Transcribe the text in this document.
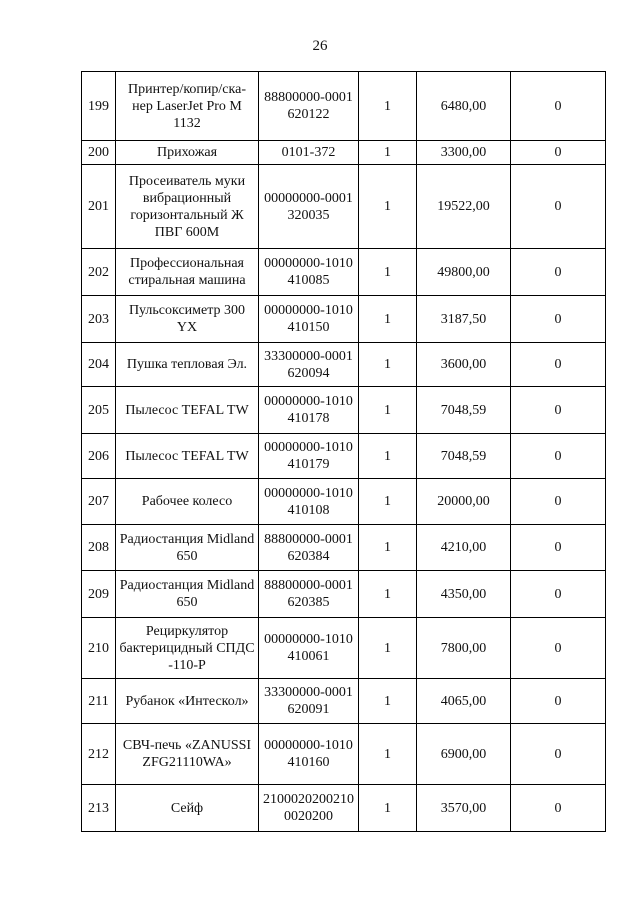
26
199	Принтер/копир/ска-нер LaserJet Pro M 1132	88800000-0001620122	1	6480,00	0
200	Прихожая	0101-372	1	3300,00	0
201	Просеиватель муки вибрационный горизонтальный Ж ПВГ 600М	00000000-0001320035	1	19522,00	0
202	Профессиональная стиральная машина	00000000-1010410085	1	49800,00	0
203	Пульсоксиметр 300 YX	00000000-1010410150	1	3187,50	0
204	Пушка тепловая Эл.	33300000-0001620094	1	3600,00	0
205	Пылесос TEFAL TW	00000000-1010410178	1	7048,59	0
206	Пылесос TEFAL TW	00000000-1010410179	1	7048,59	0
207	Рабочее колесо	00000000-1010410108	1	20000,00	0
208	Радиостанция Midland 650	88800000-0001620384	1	4210,00	0
209	Радиостанция Midland 650	88800000-0001620385	1	4350,00	0
210	Рециркулятор бактерицидный СПДС -110-Р	00000000-1010410061	1	7800,00	0
211	Рубанок «Интескол»	33300000-0001620091	1	4065,00	0
212	СВЧ-печь «ZANUSSI ZFG21110WA»	00000000-1010410160	1	6900,00	0
213	Сейф	21000202002100020200	1	3570,00	0
